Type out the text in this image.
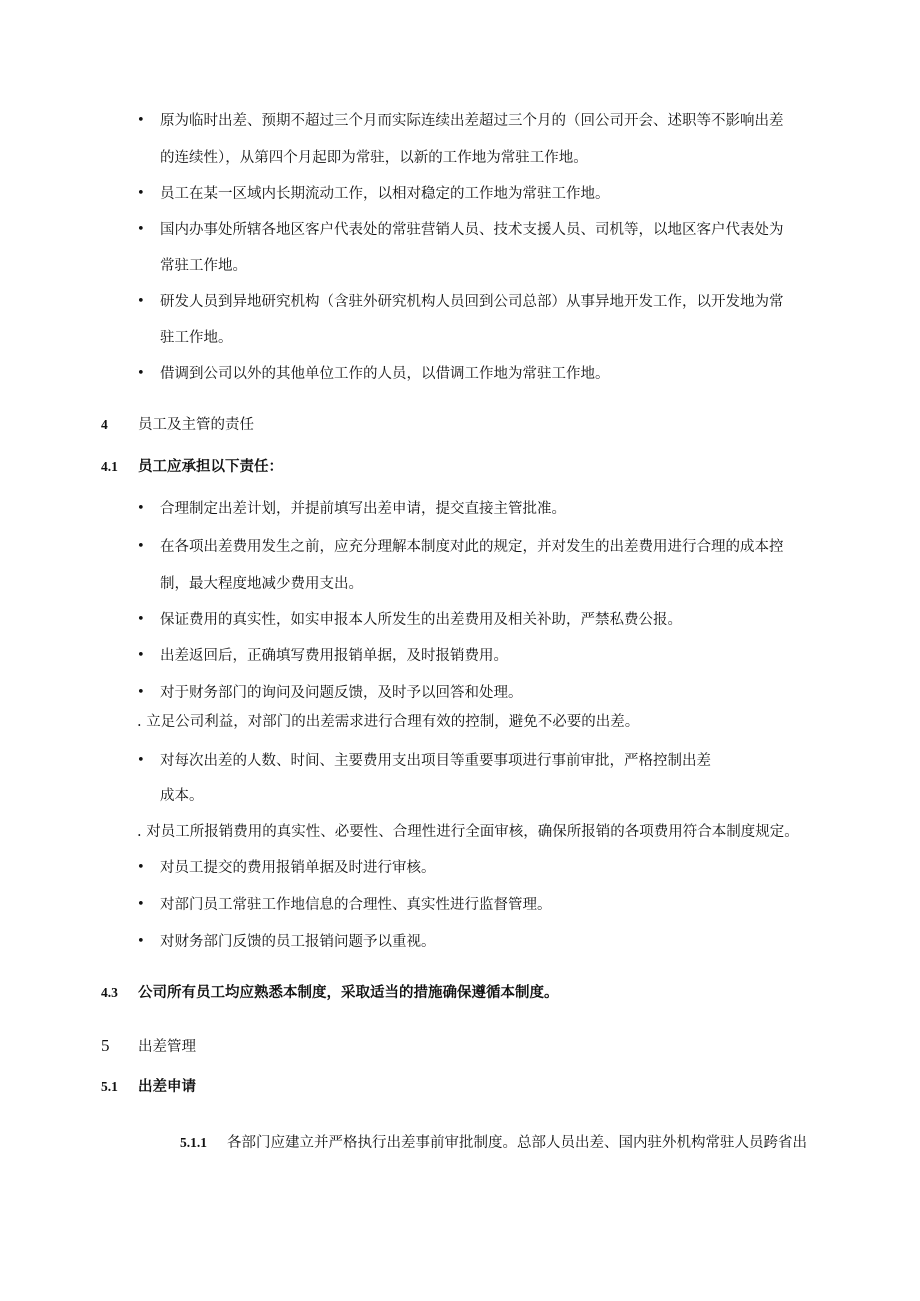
• 原为临时出差、预期不超过三个月而实际连续出差超过三个月的（回公司开会、述职等不影响出差
的连续性），从第四个月起即为常驻，以新的工作地为常驻工作地。
• 员工在某一区域内长期流动工作，以相对稳定的工作地为常驻工作地。
• 国内办事处所辖各地区客户代表处的常驻营销人员、技术支援人员、司机等，以地区客户代表处为
常驻工作地。
• 研发人员到异地研究机构（含驻外研究机构人员回到公司总部）从事异地开发工作，以开发地为常
驻工作地。
• 借调到公司以外的其他单位工作的人员，以借调工作地为常驻工作地。
4 员工及主管的责任
4.1 员工应承担以下责任：
• 合理制定出差计划，并提前填写出差申请，提交直接主管批准。
• 在各项出差费用发生之前，应充分理解本制度对此的规定，并对发生的出差费用进行合理的成本控
制，最大程度地减少费用支出。
• 保证费用的真实性，如实申报本人所发生的出差费用及相关补助，严禁私费公报。
• 出差返回后，正确填写费用报销单据，及时报销费用。
• 对于财务部门的询问及问题反馈，及时予以回答和处理。
. 立足公司利益，对部门的出差需求进行合理有效的控制，避免不必要的出差。
• 对每次出差的人数、时间、主要费用支出项目等重要事项进行事前审批，严格控制出差
成本。
. 对员工所报销费用的真实性、必要性、合理性进行全面审核，确保所报销的各项费用符合本制度规定。
• 对员工提交的费用报销单据及时进行审核。
• 对部门员工常驻工作地信息的合理性、真实性进行监督管理。
• 对财务部门反馈的员工报销问题予以重视。
4.3 公司所有员工均应熟悉本制度，采取适当的措施确保遵循本制度。
5 出差管理
5.1 出差申请
5.1.1 各部门应建立并严格执行出差事前审批制度。总部人员出差、国内驻外机构常驻人员跨省出
